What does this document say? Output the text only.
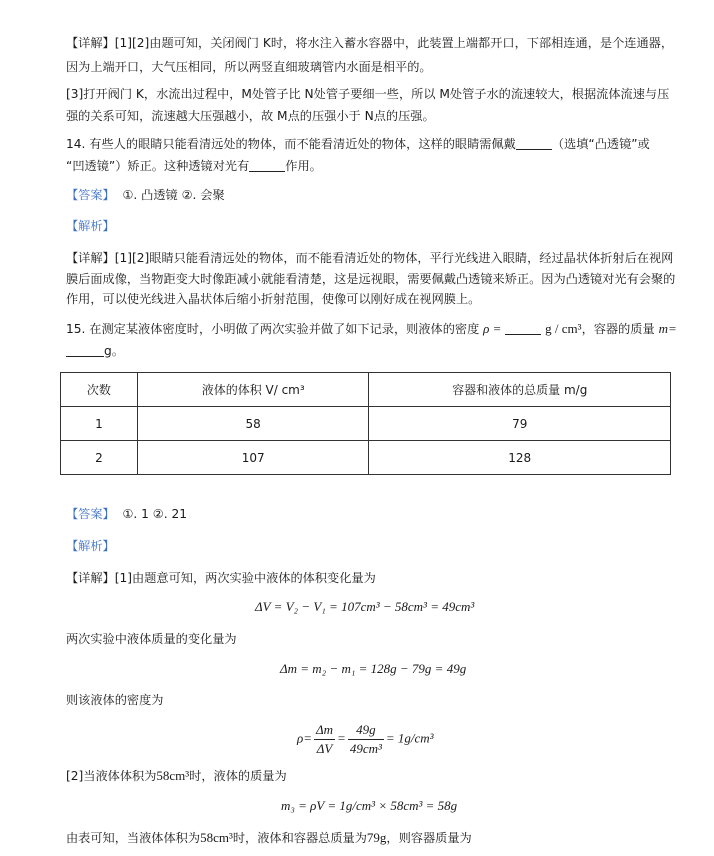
【详解】[1][2]由题可知，关闭阀门 K时，将水注入蓄水容器中，此装置上端都开口，下部相连通，是个连通器，
因为上端开口，大气压相同，所以两竖直细玻璃管内水面是相平的。
[3]打开阀门 K，水流出过程中，M处管子比 N处管子要细一些，所以 M处管子水的流速较大，根据流体流速与压
强的关系可知，流速越大压强越小，故 M点的压强小于 N点的压强。
14. 有些人的眼睛只能看清远处的物体，而不能看清近处的物体，这样的眼睛需佩戴	（选填“凸透镜”或
“凹透镜”）矫正。这种透镜对光有	作用。
【答案】 ①. 凸透镜 ②. 会聚
【解析】
【详解】[1][2]眼睛只能看清远处的物体，而不能看清近处的物体，平行光线进入眼睛，经过晶状体折射后在视网
膜后面成像，当物距变大时像距减小就能看清楚，这是远视眼，需要佩戴凸透镜来矫正。因为凸透镜对光有会聚的
作用，可以使光线进入晶状体后缩小折射范围，使像可以刚好成在视网膜上。
15. 在测定某液体密度时，小明做了两次实验并做了如下记录，则液体的密度 ρ =	g / cm³，容器的质量 m=
g。
次数	液体的体积 V/ cm³	容器和液体的总质量 m/g
1	58	79
2	107	128
【答案】 ①. 1 ②. 21
【解析】
【详解】[1]由题意可知，两次实验中液体的体积变化量为
ΔV = V₂ − V₁ = 107cm³ − 58cm³ = 49cm³
两次实验中液体质量的变化量为
Δm = m₂ − m₁ = 128g − 79g = 49g
则该液体的密度为
$\rho= \frac{\Delta m}{\Delta V} = \frac{49g}{\text{49cm³}} = 1g/cm^3$
[2]当液体体积为58cm³时，液体的质量为
m₃ = ρV = 1g/cm³ × 58cm³ = 58g
由表可知，当液体体积为58cm³时，液体和容器总质量为79g，则容器质量为
